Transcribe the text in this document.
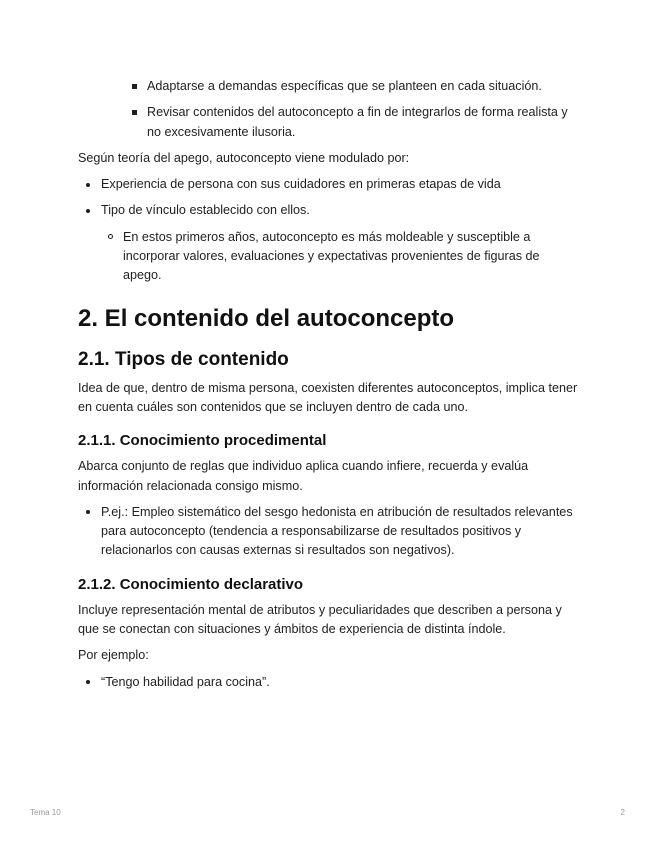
Adaptarse a demandas específicas que se planteen en cada situación.
Revisar contenidos del autoconcepto a fin de integrarlos de forma realista y no excesivamente ilusoria.

Según teoría del apego, autoconcepto viene modulado por:

Experiencia de persona con sus cuidadores en primeras etapas de vida
Tipo de vínculo establecido con ellos.
En estos primeros años, autoconcepto es más moldeable y susceptible a incorporar valores, evaluaciones y expectativas provenientes de figuras de apego.
2. El contenido del autoconcepto
2.1. Tipos de contenido

Idea de que, dentro de misma persona, coexisten diferentes autoconceptos, implica tener en cuenta cuáles son contenidos que se incluyen dentro de cada uno.

2.1.1. Conocimiento procedimental

Abarca conjunto de reglas que individuo aplica cuando infiere, recuerda y evalúa información relacionada consigo mismo.

P.ej.: Empleo sistemático del sesgo hedonista en atribución de resultados relevantes para autoconcepto (tendencia a responsabilizarse de resultados positivos y relacionarlos con causas externas si resultados son negativos).
2.1.2. Conocimiento declarativo

Incluye representación mental de atributos y peculiaridades que describen a persona y que se conectan con situaciones y ámbitos de experiencia de distinta índole.

Por ejemplo:

“Tengo habilidad para cocina”.
Tema 10	2
